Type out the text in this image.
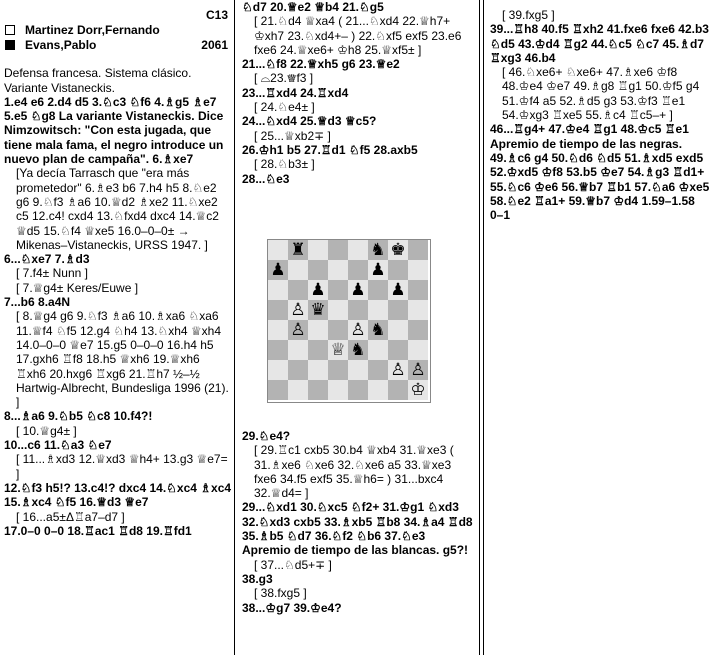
C13
Martinez Dorr,Fernando
Evans,Pablo	2061
Defensa francesa. Sistema clásico. Variante Vistaneckis.
1.e4 e6 2.d4 d5 3.♘c3 ♘f6 4.♗g5 ♗e7 5.e5 ♘g8 La variante Vistaneckis. Dice Nimzowitsch: "Con esta jugada, que tiene mala fama, el negro introduce un nuevo plan de campaña". 6.♗xe7
[Ya decía Tarrasch que "era más prometedor" 6.♗e3 b6 7.h4 h5 8.♘e2 g6 9.♘f3 ♗a6 10.♕d2 ♗xe2 11.♘xe2 c5 12.c4! cxd4 13.♘fxd4 dxc4 14.♕c2 ♕d5 15.♘f4 ♕xe5 16.0–0–0± → Mikenas–Vistaneckis, URSS 1947. ]
6...♘xe7 7.♗d3
[ 7.f4± Nunn ]
[ 7.♕g4± Keres/Euwe ]
7...b6 8.a4N
[ 8.♕g4 g6 9.♘f3 ♗a6 10.♗xa6 ♘xa6 11.♕f4 ♘f5 12.g4 ♘h4 13.♘xh4 ♕xh4 14.0–0–0 ♕e7 15.g5 0–0–0 16.h4 h5 17.gxh6 ♖f8 18.h5 ♕xh6 19.♕xh6 ♖xh6 20.hxg6 ♖xg6 21.♖h7 ½–½ Hartwig-Albrecht, Bundesliga 1996 (21). ]
8...♗a6 9.♘b5 ♘c8 10.f4?!
[ 10.♕g4± ]
10...c6 11.♘a3 ♘e7
[ 11...♗xd3 12.♕xd3 ♕h4+ 13.g3 ♕e7= ]
12.♘f3 h5!? 13.c4!? dxc4 14.♘xc4 ♗xc4 15.♗xc4 ♘f5 16.♕d3 ♕e7
[ 16...a5±Δ♖a7–d7 ]
17.0–0 0–0 18.♖ac1 ♖d8 19.♖fd1
♘d7 20.♕e2 ♕b4 21.♘g5
[ 21.♘d4 ♕xa4 ( 21...♘xd4 22.♕h7+ ♔xh7 23.♘xd4+– ) 22.♘xf5 exf5 23.e6 fxe6 24.♕xe6+ ♔h8 25.♕xf5± ]
21...♘f8 22.♕xh5 g6 23.♕e2
[ ⌓23.♕f3 ]
23...♖xd4 24.♖xd4
[ 24.♘e4± ]
24...♘xd4 25.♕d3 ♕c5?
[ 25...♕xb2∓ ]
26.♔h1 b5 27.♖d1 ♘f5 28.axb5
[ 28.♘b3± ]
28...♘e3
♜	♞ ♚
♟	♟
♟ ♟ ♟
♙ ♛
♙	♙ ♞
♕ ♞
♙ ♙
♔
29.♘e4?
[ 29.♖c1 cxb5 30.b4 ♕xb4 31.♕xe3 ( 31.♗xe6 ♘xe6 32.♘xe6 a5 33.♕xe3 fxe6 34.f5 exf5 35.♕h6= ) 31...bxc4 32.♕d4= ]
29...♘xd1 30.♘xc5 ♘f2+ 31.♔g1 ♘xd3 32.♘xd3 cxb5 33.♗xb5 ♖b8 34.♗a4 ♖d8 35.♗b5 ♘d7 36.♘f2 ♘b6 37.♘e3 Apremio de tiempo de las blancas. g5?!
[ 37...♘d5+∓ ]
38.g3
[ 38.fxg5 ]
38...♔g7 39.♔e4?
[ 39.fxg5 ]
39...♖h8 40.f5 ♖xh2 41.fxe6 fxe6 42.b3 ♘d5 43.♔d4 ♖g2 44.♘c5 ♘c7 45.♗d7 ♖xg3 46.b4
[ 46.♘xe6+ ♘xe6+ 47.♗xe6 ♔f8 48.♔e4 ♔e7 49.♗g8 ♖g1 50.♔f5 g4 51.♔f4 a5 52.♗d5 g3 53.♔f3 ♖e1 54.♔xg3 ♖xe5 55.♗c4 ♖c5–+ ]
46...♖g4+ 47.♔e4 ♖g1 48.♔c5 ♖e1 Apremio de tiempo de las negras. 49.♗c6 g4 50.♘d6 ♘d5 51.♗xd5 exd5 52.♔xd5 ♔f8 53.b5 ♔e7 54.♗g3 ♖d1+ 55.♘c6 ♔e6 56.♕b7 ♖b1 57.♘a6 ♔xe5 58.♘e2 ♖a1+ 59.♕b7 ♔d4 1.59–1.58
0–1
